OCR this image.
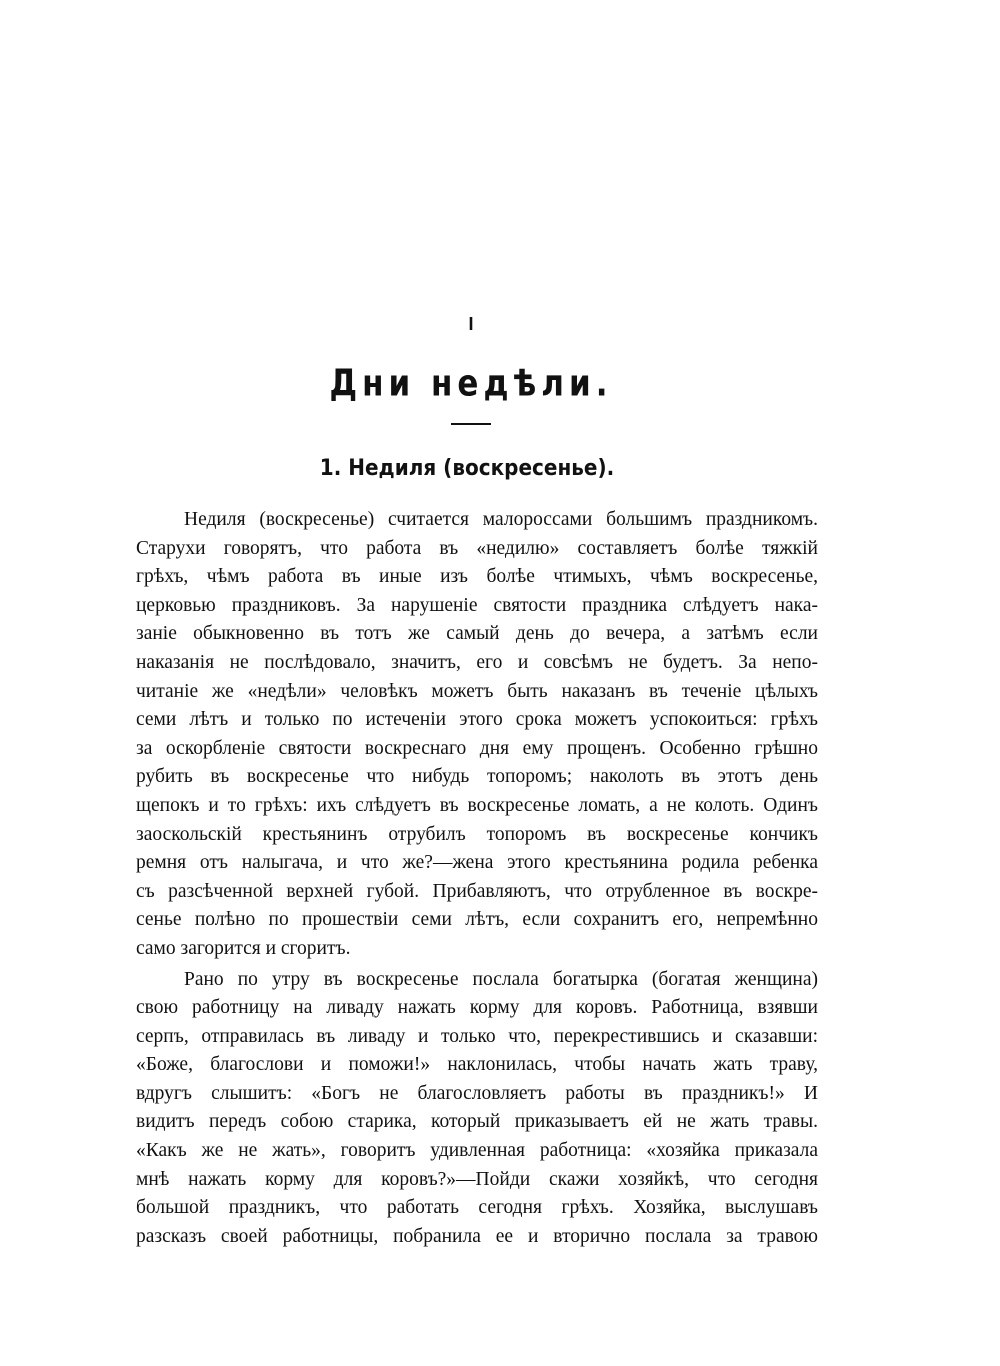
I
Дни недѣли.
1. Недиля (воскресенье).
Недиля (воскресенье) считается малороссами большимъ праздникомъ.
Старухи говорятъ, что работа въ «недилю» составляетъ болѣе тяжкій
грѣхъ, чѣмъ работа въ иные изъ болѣе чтимыхъ, чѣмъ воскресенье,
церковью праздниковъ. За нарушеніе святости праздника слѣдуетъ нака-
заніе обыкновенно въ тотъ же самый день до вечера, а затѣмъ если
наказанія не послѣдовало, значитъ, его и совсѣмъ не будетъ. За непо-
читаніе же «недѣли» человѣкъ можетъ быть наказанъ въ теченіе цѣлыхъ
семи лѣтъ и только по истеченіи этого срока можетъ успокоиться: грѣхъ
за оскорбленіе святости воскреснаго дня ему прощенъ. Особенно грѣшно
рубить въ воскресенье что нибудь топоромъ; наколоть въ этотъ день
щепокъ и то грѣхъ: ихъ слѣдуетъ въ воскресенье ломать, а не колоть. Одинъ
заоскольскій крестьянинъ отрубилъ топоромъ въ воскресенье кончикъ
ремня отъ налыгача, и что же?—жена этого крестьянина родила ребенка
съ разсѣченной верхней губой. Прибавляютъ, что отрубленное въ воскре-
сенье полѣно по прошествіи семи лѣтъ, если сохранитъ его, непремѣнно
само загорится и сгоритъ.
Рано по утру въ воскресенье послала богатырка (богатая женщина)
свою работницу на ливаду нажать корму для коровъ. Работница, взявши
серпъ, отправилась въ ливаду и только что, перекрестившись и сказавши:
«Боже, благослови и поможи!» наклонилась, чтобы начать жать траву,
вдругъ слышитъ: «Богъ не благословляетъ работы въ праздникъ!» И
видитъ передъ собою старика, который приказываетъ ей не жать травы.
«Какъ же не жать», говоритъ удивленная работница: «хозяйка приказала
мнѣ нажать корму для коровъ?»—Пойди скажи хозяйкѣ, что сегодня
большой праздникъ, что работать сегодня грѣхъ. Хозяйка, выслушавъ
разсказъ своей работницы, побранила ее и вторично послала за травою
